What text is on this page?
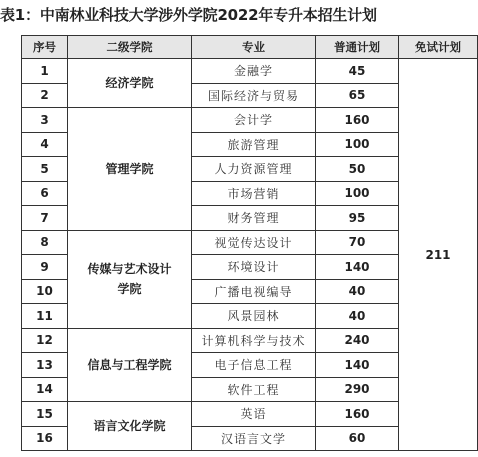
表1：中南林业科技大学涉外学院2022年专升本招生计划
序号	二级学院	专业	普通计划	免试计划
1	经济学院	金融学	45	211
2		国际经济与贸易	65	
3	管理学院	会计学	160	
4		旅游管理	100	
5		人力资源管理	50	
6		市场营销	100	
7		财务管理	95	
8	传媒与艺术设计学院	视觉传达设计	70	
9		环境设计	140	
10		广播电视编导	40	
11		风景园林	40	
12	信息与工程学院	计算机科学与技术	240	
13		电子信息工程	140	
14		软件工程	290	
15	语言文化学院	英语	160	
16		汉语言文学	60	
